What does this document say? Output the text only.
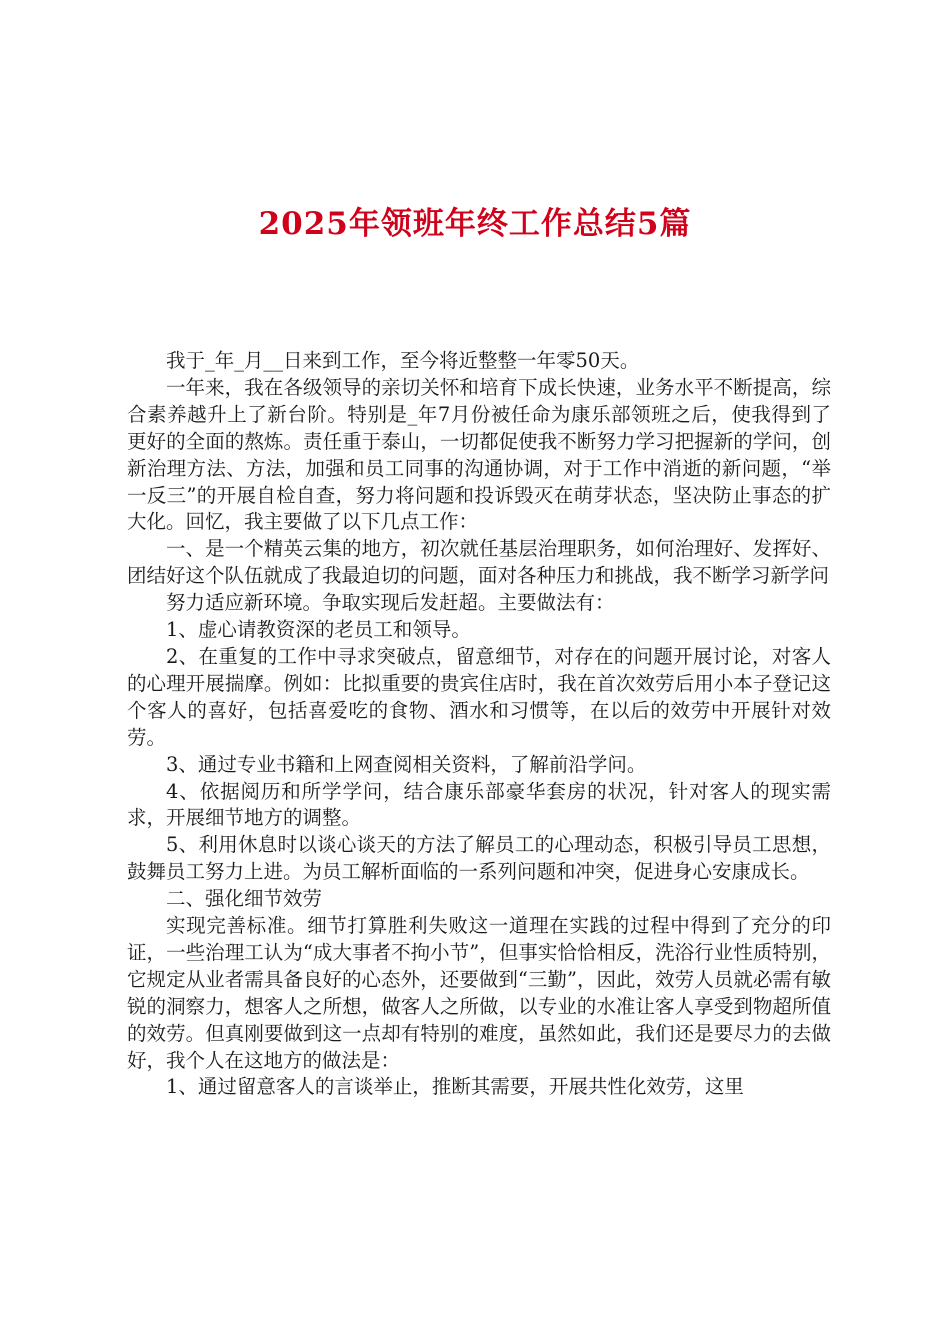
2025年领班年终工作总结5篇

我于_年_月__日来到工作，至今将近整整一年零50天。

一年来，我在各级领导的亲切关怀和培育下成长快速，业务水平不断提高，综合素养越升上了新台阶。特别是_年7月份被任命为康乐部领班之后，使我得到了更好的全面的熬炼。责任重于泰山，一切都促使我不断努力学习把握新的学问，创新治理方法、方法，加强和员工同事的沟通协调，对于工作中消逝的新问题，“举一反三”的开展自检自查，努力将问题和投诉毁灭在萌芽状态，坚决防止事态的扩大化。回忆，我主要做了以下几点工作：

一、是一个精英云集的地方，初次就任基层治理职务，如何治理好、发挥好、团结好这个队伍就成了我最迫切的问题，面对各种压力和挑战，我不断学习新学问

努力适应新环境。争取实现后发赶超。主要做法有：

1、虚心请教资深的老员工和领导。

2、在重复的工作中寻求突破点，留意细节，对存在的问题开展讨论，对客人的心理开展揣摩。例如：比拟重要的贵宾住店时，我在首次效劳后用小本子登记这个客人的喜好，包括喜爱吃的食物、酒水和习惯等，在以后的效劳中开展针对效劳。

3、通过专业书籍和上网查阅相关资料，了解前沿学问。

4、依据阅历和所学学问，结合康乐部豪华套房的状况，针对客人的现实需求，开展细节地方的调整。

5、利用休息时以谈心谈天的方法了解员工的心理动态，积极引导员工思想，鼓舞员工努力上进。为员工解析面临的一系列问题和冲突，促进身心安康成长。

二、强化细节效劳

实现完善标准。细节打算胜利失败这一道理在实践的过程中得到了充分的印证，一些治理工认为“成大事者不拘小节”，但事实恰恰相反，洗浴行业性质特别，它规定从业者需具备良好的心态外，还要做到“三勤”，因此，效劳人员就必需有敏锐的洞察力，想客人之所想，做客人之所做，以专业的水准让客人享受到物超所值的效劳。但真刚要做到这一点却有特别的难度，虽然如此，我们还是要尽力的去做好，我个人在这地方的做法是：

1、通过留意客人的言谈举止，推断其需要，开展共性化效劳，这里
